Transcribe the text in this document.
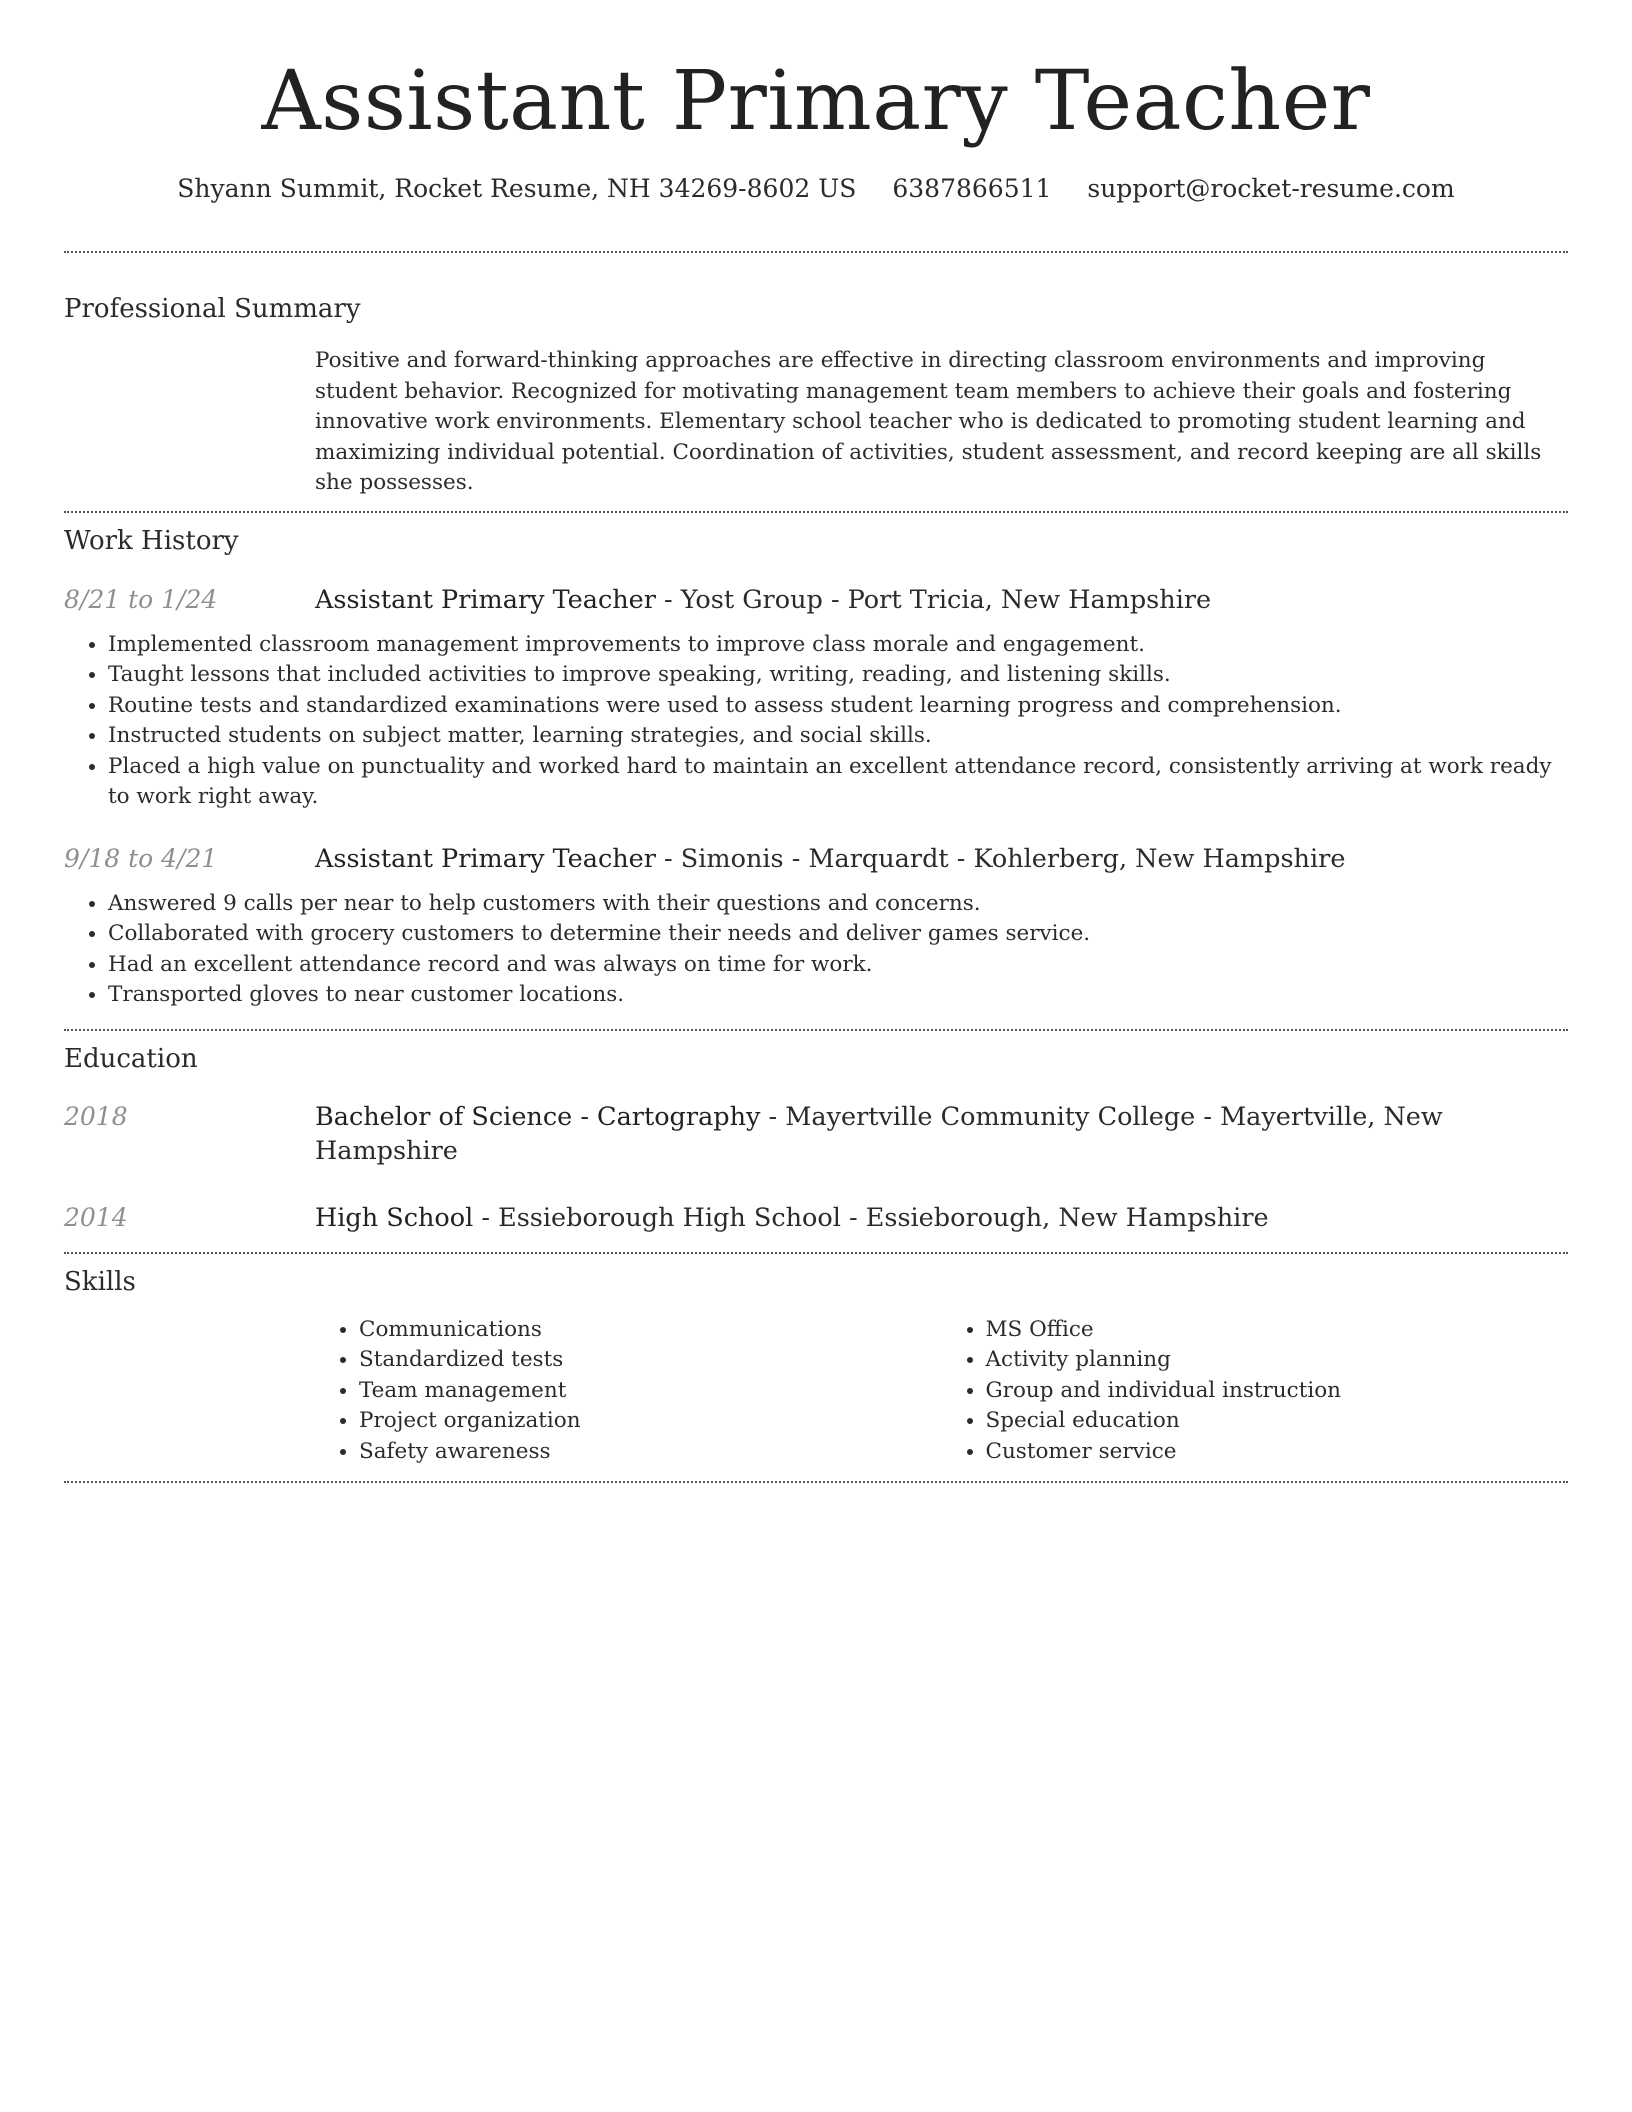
Assistant Primary Teacher
Shyann Summit, Rocket Resume, NH 34269-8602 US 6387866511 support@rocket-resume.com
Professional Summary
Positive and forward-thinking approaches are effective in directing classroom environments and improving student behavior. Recognized for motivating management team members to achieve their goals and fostering innovative work environments. Elementary school teacher who is dedicated to promoting student learning and maximizing individual potential. Coordination of activities, student assessment, and record keeping are all skills she possesses.
Work History
8/21 to 1/24	Assistant Primary Teacher - Yost Group - Port Tricia, New Hampshire
• Implemented classroom management improvements to improve class morale and engagement.
• Taught lessons that included activities to improve speaking, writing, reading, and listening skills.
• Routine tests and standardized examinations were used to assess student learning progress and comprehension.
• Instructed students on subject matter, learning strategies, and social skills.
• Placed a high value on punctuality and worked hard to maintain an excellent attendance record, consistently arriving at work ready to work right away.
9/18 to 4/21	Assistant Primary Teacher - Simonis - Marquardt - Kohlerberg, New Hampshire
• Answered 9 calls per near to help customers with their questions and concerns.
• Collaborated with grocery customers to determine their needs and deliver games service.
• Had an excellent attendance record and was always on time for work.
• Transported gloves to near customer locations.
Education
2018	Bachelor of Science - Cartography - Mayertville Community College - Mayertville, New Hampshire
2014	High School - Essieborough High School - Essieborough, New Hampshire
Skills
• Communications
• Standardized tests
• Team management
• Project organization
• Safety awareness
• MS Office
• Activity planning
• Group and individual instruction
• Special education
• Customer service
